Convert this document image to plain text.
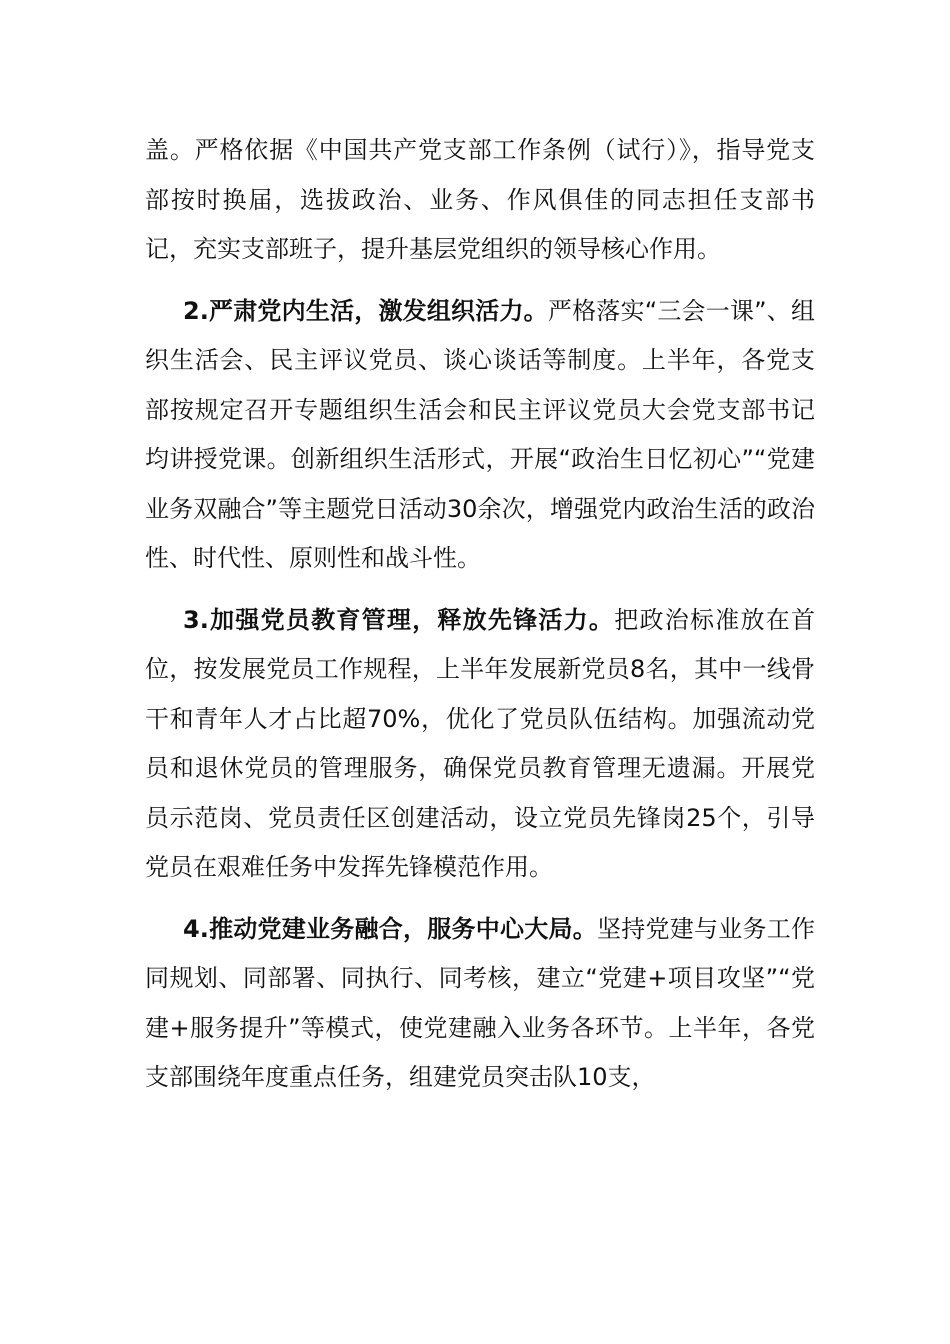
盖。严格依据《中国共产党支部工作条例（试行）》，指导党支部按时换届，选拔政治、业务、作风俱佳的同志担任支部书记，充实支部班子，提升基层党组织的领导核心作用。

2.严肃党内生活，激发组织活力。严格落实“三会一课”、组织生活会、民主评议党员、谈心谈话等制度。上半年，各党支部按规定召开专题组织生活会和民主评议党员大会党支部书记均讲授党课。创新组织生活形式，开展“政治生日忆初心”“党建业务双融合”等主题党日活动30余次，增强党内政治生活的政治性、时代性、原则性和战斗性。

3.加强党员教育管理，释放先锋活力。把政治标准放在首位，按发展党员工作规程，上半年发展新党员8名，其中一线骨干和青年人才占比超70%，优化了党员队伍结构。加强流动党员和退休党员的管理服务，确保党员教育管理无遗漏。开展党员示范岗、党员责任区创建活动，设立党员先锋岗25个，引导党员在艰难任务中发挥先锋模范作用。

4.推动党建业务融合，服务中心大局。坚持党建与业务工作同规划、同部署、同执行、同考核，建立“党建+项目攻坚”“党建+服务提升”等模式，使党建融入业务各环节。上半年，各党支部围绕年度重点任务，组建党员突击队10支，
